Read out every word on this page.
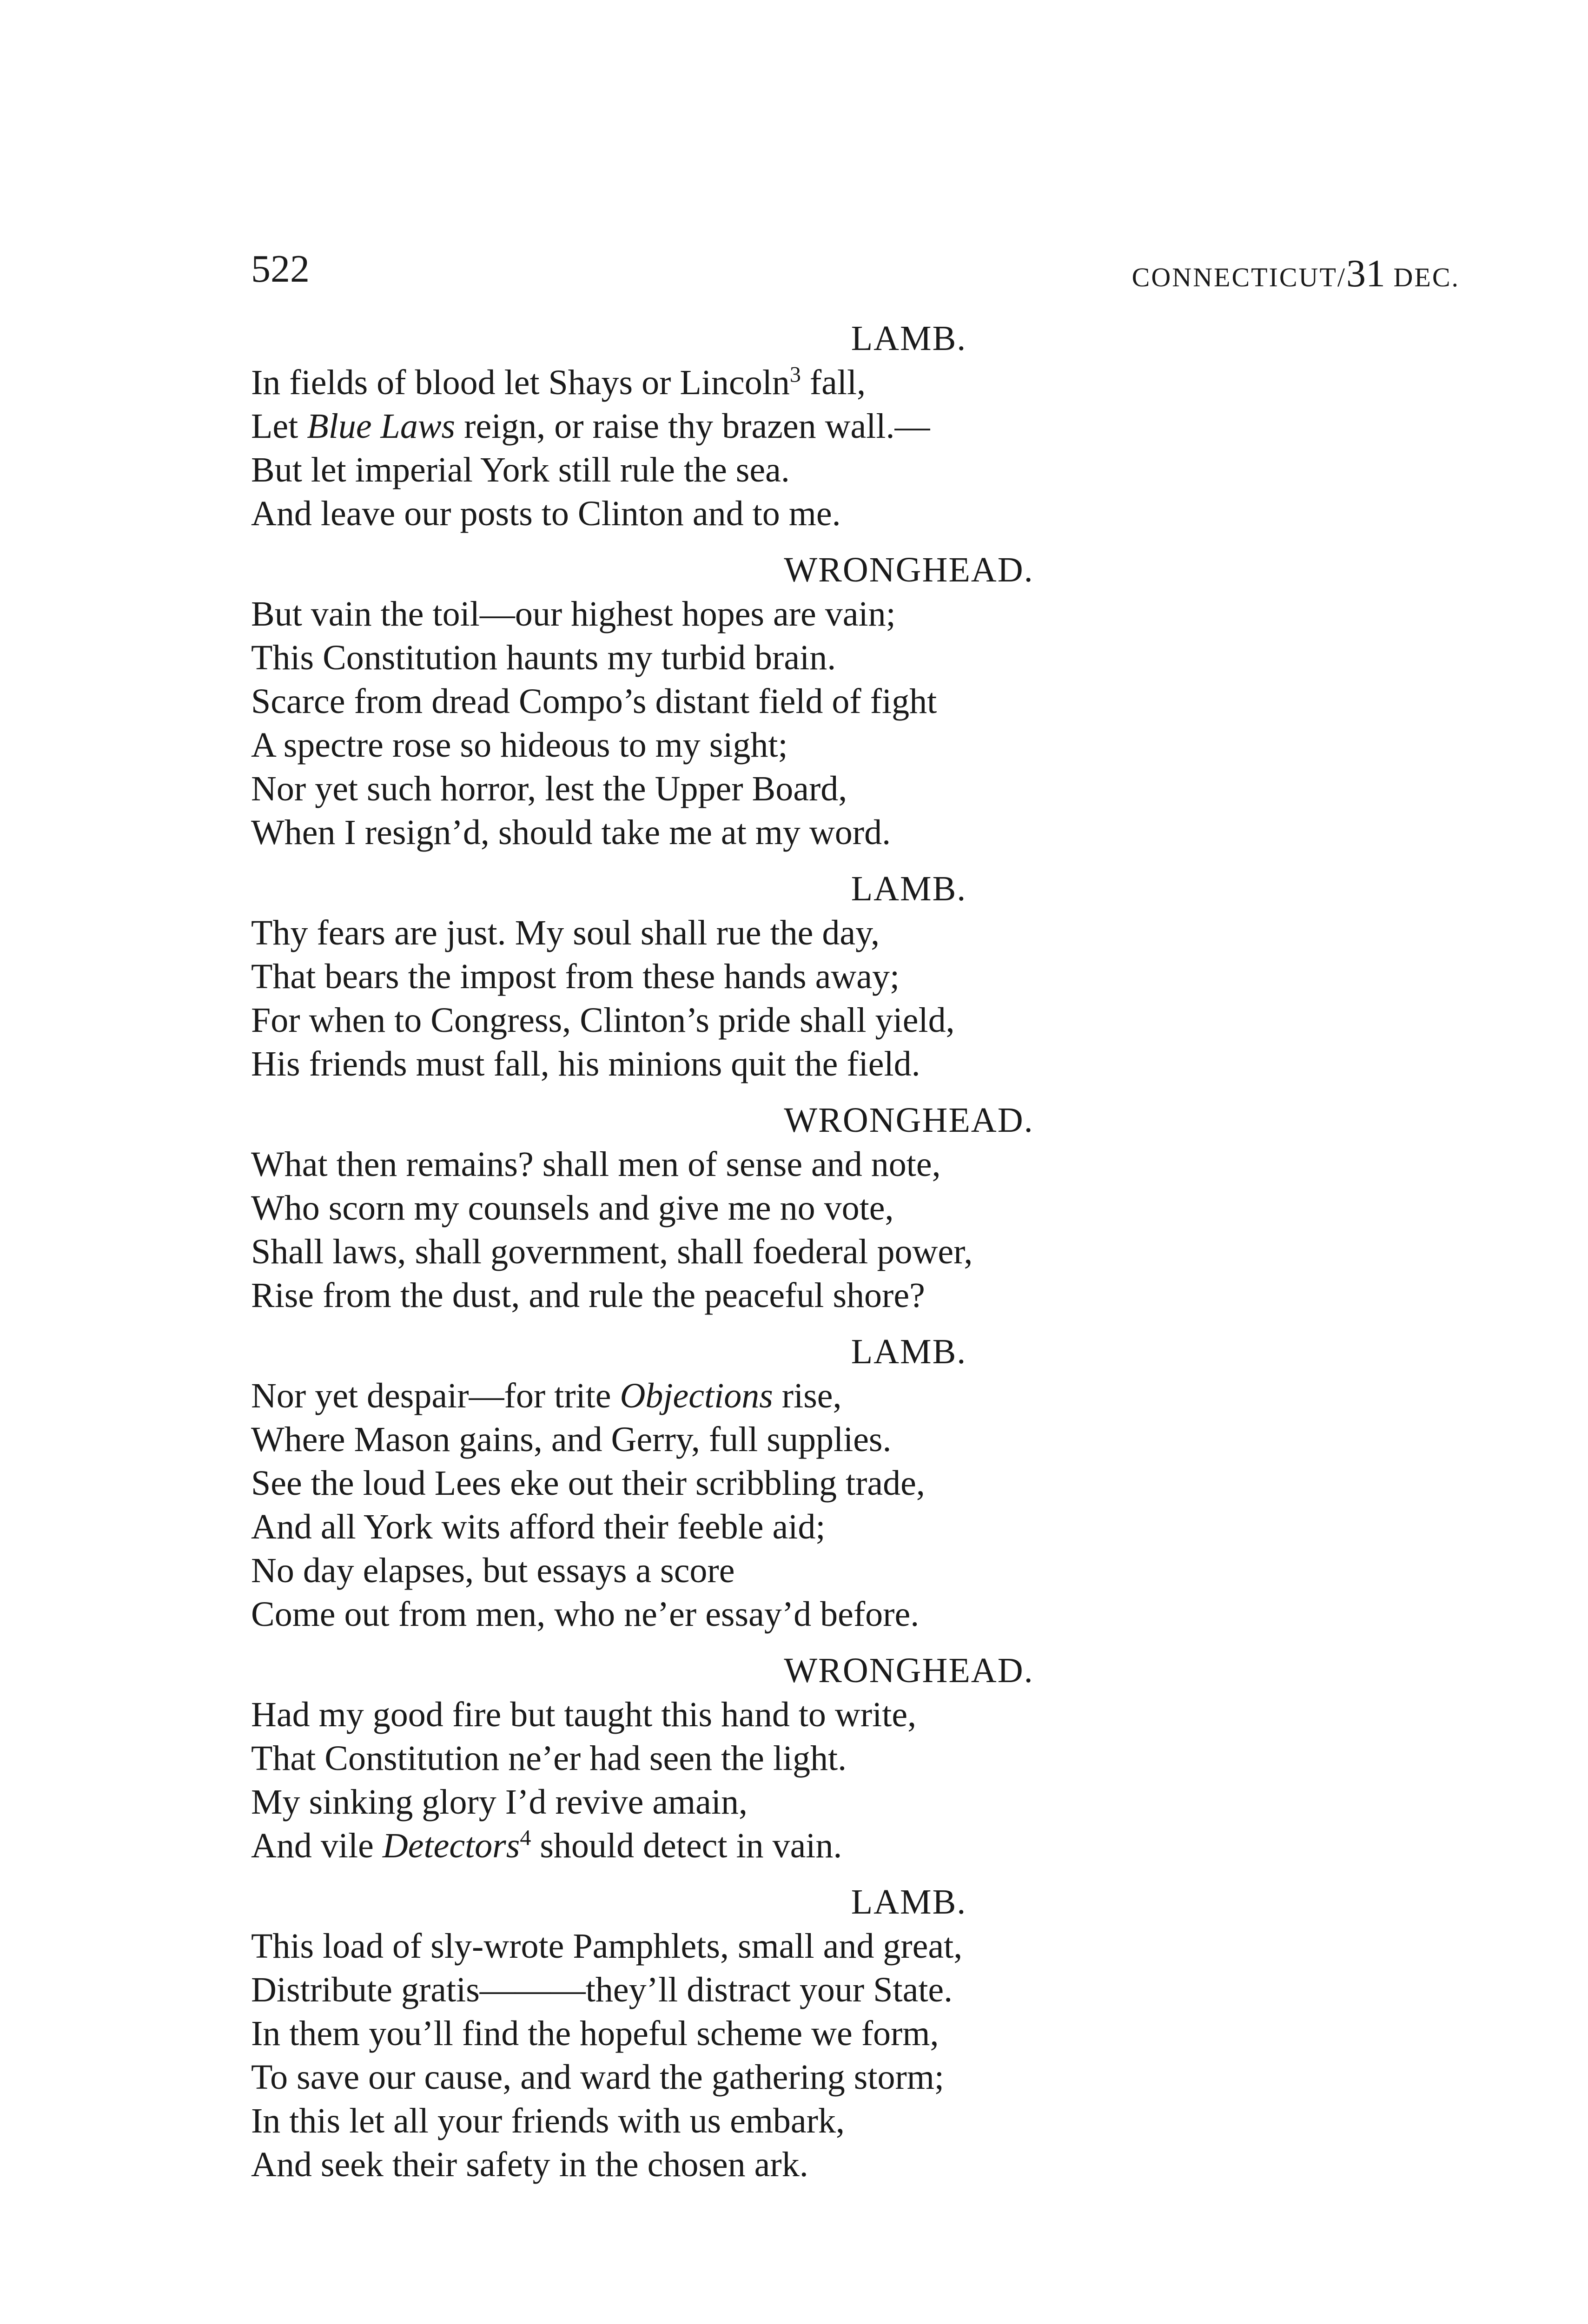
522	CONNECTICUT/31 DEC.
LAMB.
In fields of blood let Shays or Lincoln$^3$ fall,
Let Blue Laws reign, or raise thy brazen wall.—
But let imperial York still rule the sea.
And leave our posts to Clinton and to me.
WRONGHEAD.
But vain the toil—our highest hopes are vain;
This Constitution haunts my turbid brain.
Scarce from dread Compo’s distant field of fight
A spectre rose so hideous to my sight;
Nor yet such horror, lest the Upper Board,
When I resign’d, should take me at my word.
LAMB.
Thy fears are just. My soul shall rue the day,
That bears the impost from these hands away;
For when to Congress, Clinton’s pride shall yield,
His friends must fall, his minions quit the field.
WRONGHEAD.
What then remains? shall men of sense and note,
Who scorn my counsels and give me no vote,
Shall laws, shall government, shall foederal power,
Rise from the dust, and rule the peaceful shore?
LAMB.
Nor yet despair—for trite Objections rise,
Where Mason gains, and Gerry, full supplies.
See the loud Lees eke out their scribbling trade,
And all York wits afford their feeble aid;
No day elapses, but essays a score
Come out from men, who ne’er essay’d before.
WRONGHEAD.
Had my good fire but taught this hand to write,
That Constitution ne’er had seen the light.
My sinking glory I’d revive amain,
And vile Detectors$^4$ should detect in vain.
LAMB.
This load of sly-wrote Pamphlets, small and great,
Distribute gratis———they’ll distract your State.
In them you’ll find the hopeful scheme we form,
To save our cause, and ward the gathering storm;
In this let all your friends with us embark,
And seek their safety in the chosen ark.
